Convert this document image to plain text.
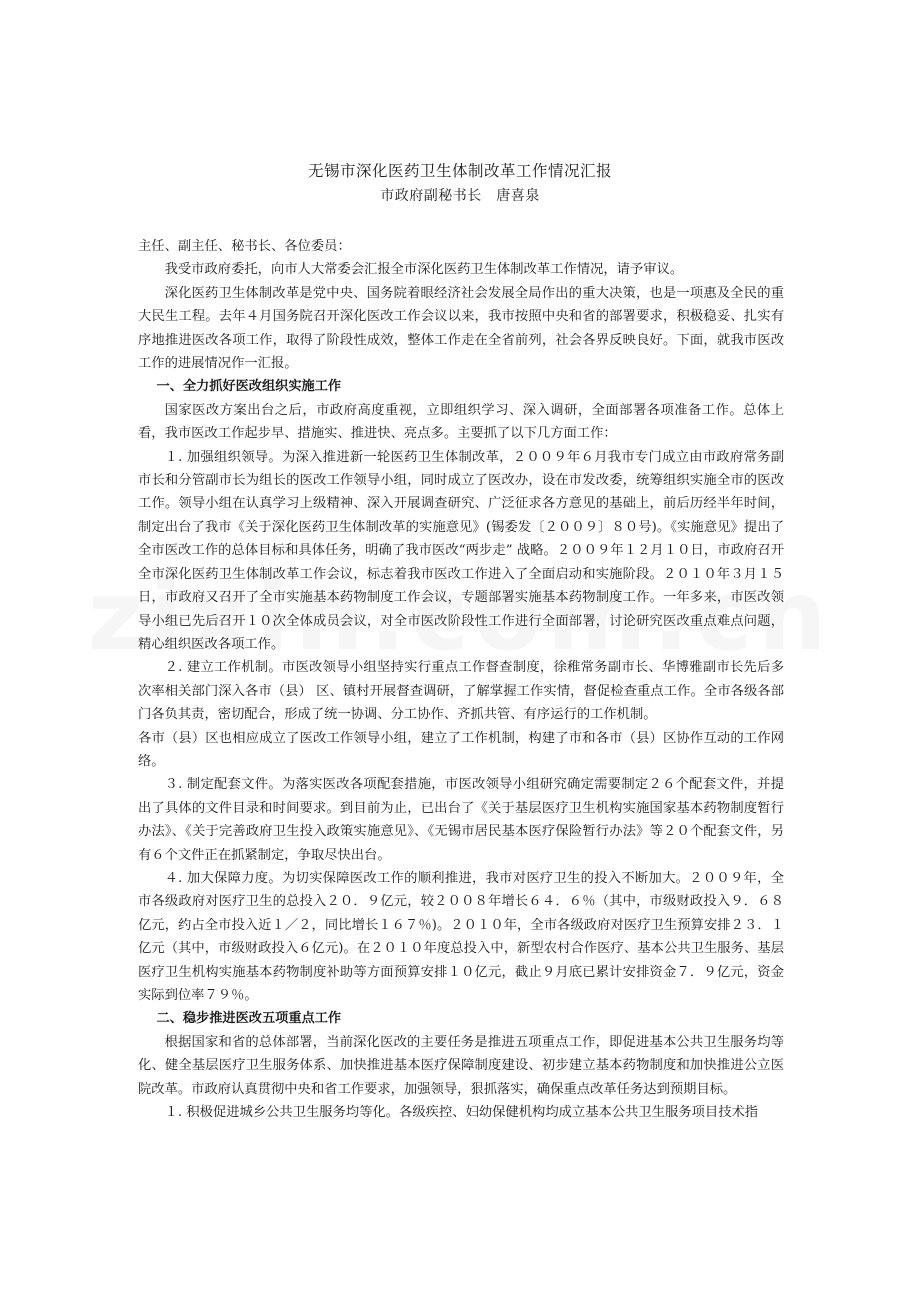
无锡市深化医药卫生体制改革工作情况汇报
市政府副秘书长　唐喜泉

主任、副主任、秘书长、各位委员：

我受市政府委托，向市人大常委会汇报全市深化医药卫生体制改革工作情况，请予审议。

深化医药卫生体制改革是党中央、国务院着眼经济社会发展全局作出的重大决策，也是一项惠及全民的重大民生工程。去年４月国务院召开深化医改工作会议以来，我市按照中央和省的部署要求，积极稳妥、扎实有序地推进医改各项工作，取得了阶段性成效，整体工作走在全省前列，社会各界反映良好。下面，就我市医改工作的进展情况作一汇报。

一、全力抓好医改组织实施工作

国家医改方案出台之后，市政府高度重视，立即组织学习、深入调研，全面部署各项准备工作。总体上看，我市医改工作起步早、措施实、推进快、亮点多。主要抓了以下几方面工作：

１. 加强组织领导。为深入推进新一轮医药卫生体制改革，２００９年６月我市专门成立由市政府常务副市长和分管副市长为组长的医改工作领导小组，同时成立了医改办，设在市发改委，统筹组织实施全市的医改工作。领导小组在认真学习上级精神、深入开展调查研究、广泛征求各方意见的基础上，前后历经半年时间，制定出台了我市《关于深化医药卫生体制改革的实施意见》(锡委发〔２００９〕８０号)。《实施意见》提出了全市医改工作的总体目标和具体任务，明确了我市医改“两步走” 战略。２００９年１２月１０日，市政府召开全市深化医药卫生体制改革工作会议，标志着我市医改工作进入了全面启动和实施阶段。２０１０年３月１５日，市政府又召开了全市实施基本药物制度工作会议，专题部署实施基本药物制度工作。一年多来，市医改领导小组已先后召开１０次全体成员会议，对全市医改阶段性工作进行全面部署，讨论研究医改重点难点问题，精心组织医改各项工作。

２. 建立工作机制。市医改领导小组坚持实行重点工作督查制度，徐稚常务副市长、华博雅副市长先后多次率相关部门深入各市（县） 区、镇村开展督查调研，了解掌握工作实情，督促检查重点工作。全市各级各部门各负其责，密切配合，形成了统一协调、分工协作、齐抓共管、有序运行的工作机制。

各市（县）区也相应成立了医改工作领导小组，建立了工作机制，构建了市和各市（县）区协作互动的工作网络。

３. 制定配套文件。为落实医改各项配套措施，市医改领导小组研究确定需要制定２６个配套文件，并提出了具体的文件目录和时间要求。到目前为止，已出台了《关于基层医疗卫生机构实施国家基本药物制度暂行办法》、《关于完善政府卫生投入政策实施意见》、《无锡市居民基本医疗保险暂行办法》等２０个配套文件，另有６个文件正在抓紧制定，争取尽快出台。

４. 加大保障力度。为切实保障医改工作的顺利推进，我市对医疗卫生的投入不断加大。２００９年，全市各级政府对医疗卫生的总投入２０．９亿元，较２００８年增长６４．６％（其中，市级财政投入９．６８亿元，约占全市投入近１／２，同比增长１６７％)。２０１０年，全市各级政府对医疗卫生预算安排２３．１亿元（其中，市级财政投入６亿元)。在２０１０年度总投入中，新型农村合作医疗、基本公共卫生服务、基层医疗卫生机构实施基本药物制度补助等方面预算安排１０亿元，截止９月底已累计安排资金７．９亿元，资金实际到位率７９％。

二、稳步推进医改五项重点工作

根据国家和省的总体部署，当前深化医改的主要任务是推进五项重点工作，即促进基本公共卫生服务均等化、健全基层医疗卫生服务体系、加快推进基本医疗保障制度建设、初步建立基本药物制度和加快推进公立医院改革。市政府认真贯彻中央和省工作要求，加强领导，狠抓落实，确保重点改革任务达到预期目标。

１. 积极促进城乡公共卫生服务均等化。各级疾控、妇幼保健机构均成立基本公共卫生服务项目技术指
